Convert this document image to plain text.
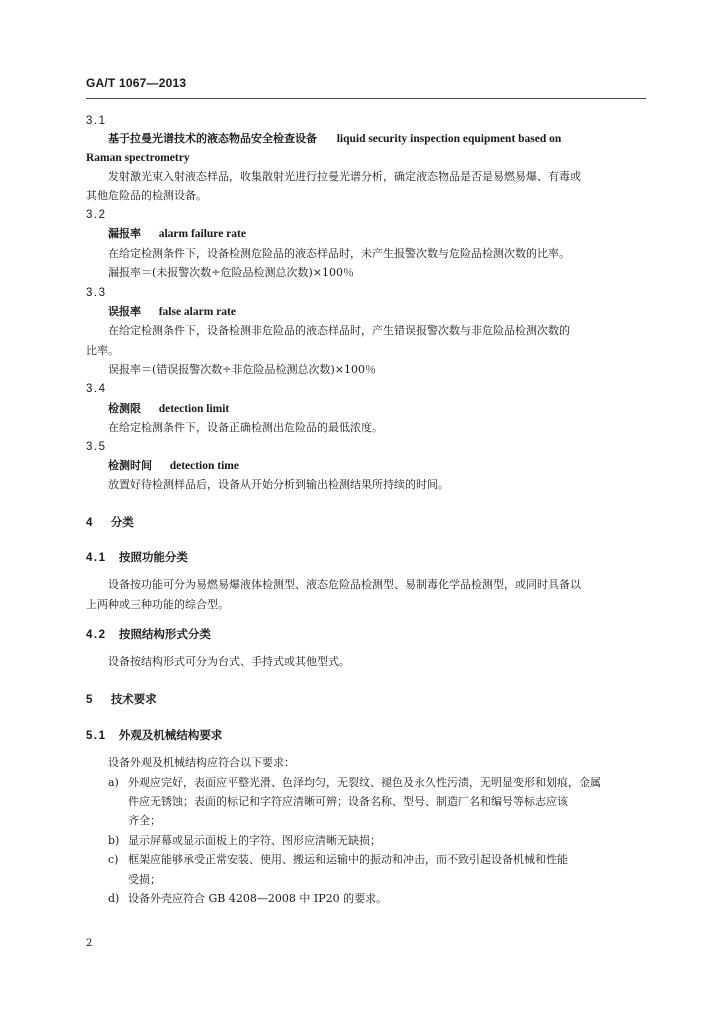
GA/T 1067—2013
3.1
基于拉曼光谱技术的液态物品安全检查设备 liquid security inspection equipment based on
Raman spectrometry
发射激光束入射液态样品，收集散射光进行拉曼光谱分析，确定液态物品是否是易燃易爆、有毒或
其他危险品的检测设备。
3.2
漏报率 alarm failure rate
在给定检测条件下，设备检测危险品的液态样品时，未产生报警次数与危险品检测次数的比率。
漏报率＝(未报警次数÷危险品检测总次数)×100％
3.3
误报率 false alarm rate
在给定检测条件下，设备检测非危险品的液态样品时，产生错误报警次数与非危险品检测次数的
比率。
误报率＝(错误报警次数÷非危险品检测总次数)×100％
3.4
检测限 detection limit
在给定检测条件下，设备正确检测出危险品的最低浓度。
3.5
检测时间 detection time
放置好待检测样品后，设备从开始分析到输出检测结果所持续的时间。
4 分类
4.1 按照功能分类
设备按功能可分为易燃易爆液体检测型、液态危险品检测型、易制毒化学品检测型，或同时具备以
上两种或三种功能的综合型。
4.2 按照结构形式分类
设备按结构形式可分为台式、手持式或其他型式。
5 技术要求
5.1 外观及机械结构要求
设备外观及机械结构应符合以下要求：
a) 外观应完好，表面应平整光滑、色泽均匀，无裂纹、褪色及永久性污渍，无明显变形和划痕，金属
件应无锈蚀；表面的标记和字符应清晰可辨；设备名称、型号、制造厂名和编号等标志应该
齐全；
b) 显示屏幕或显示面板上的字符、图形应清晰无缺损；
c) 框架应能够承受正常安装、使用、搬运和运输中的振动和冲击，而不致引起设备机械和性能
受损；
d) 设备外壳应符合 GB 4208—2008 中 IP20 的要求。
2
